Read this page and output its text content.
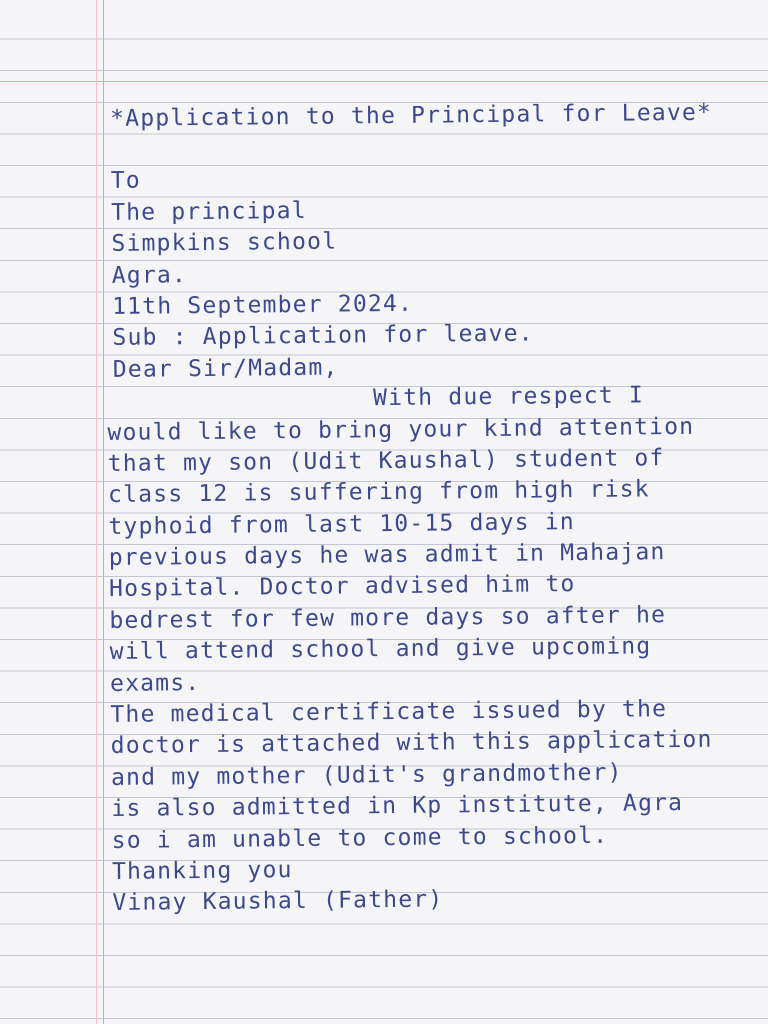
*Application to the Principal for Leave*
To
The principal
Simpkins school
Agra.
11th September 2024.
Sub : Application for leave.
Dear Sir/Madam,
With due respect I
would like to bring your kind attention
that my son (Udit Kaushal) student of
class 12 is suffering from high risk
typhoid from last 10-15 days in
previous days he was admit in Mahajan
Hospital. Doctor advised him to
bedrest for few more days so after he
will attend school and give upcoming
exams.
The medical certificate issued by the
doctor is attached with this application
and my mother (Udit's grandmother)
is also admitted in Kp institute, Agra
so i am unable to come to school.
Thanking you
Vinay Kaushal (Father)
